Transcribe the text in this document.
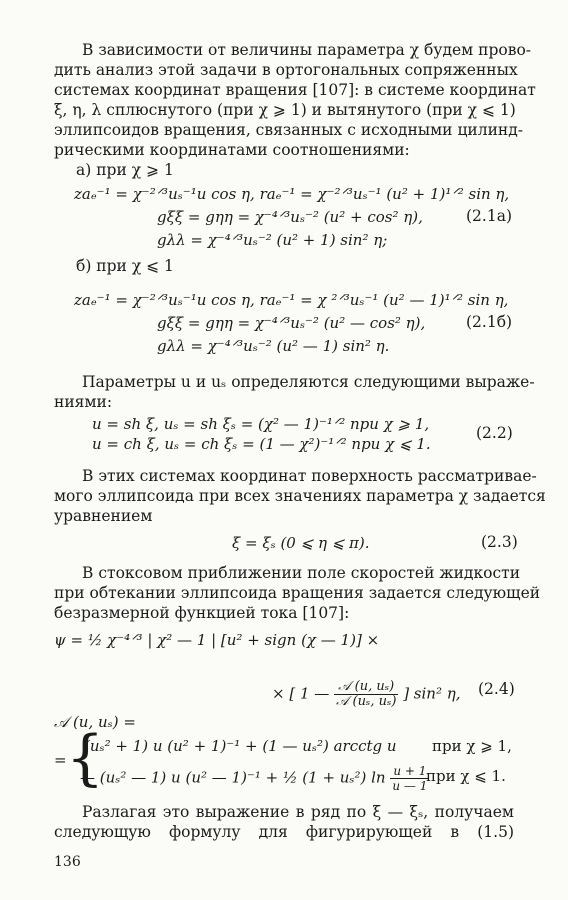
В зависимости от величины параметра χ будем прово-
дить анализ этой задачи в ортогональных сопряженных
системах координат вращения [107]: в системе координат
ξ, η, λ сплюснутого (при χ ⩾ 1) и вытянутого (при χ ⩽ 1)
эллипсоидов вращения, связанных с исходными цилинд-
рическими координатами соотношениями:
а) при χ ⩾ 1
zaₑ⁻¹ = χ⁻²ᐟ³uₛ⁻¹u cos η, raₑ⁻¹ = χ⁻²ᐟ³uₛ⁻¹ (u² + 1)¹ᐟ² sin η,
gξξ = gηη = χ⁻⁴ᐟ³uₛ⁻² (u² + cos² η),	(2.1а)
gλλ = χ⁻⁴ᐟ³uₛ⁻² (u² + 1) sin² η;
б) при χ ⩽ 1
zaₑ⁻¹ = χ⁻²ᐟ³uₛ⁻¹u cos η, raₑ⁻¹ = χ ²ᐟ³uₛ⁻¹ (u² — 1)¹ᐟ² sin η,
gξξ = gηη = χ⁻⁴ᐟ³uₛ⁻² (u² — cos² η),	(2.1б)
gλλ = χ⁻⁴ᐟ³uₛ⁻² (u² — 1) sin² η.
Параметры u и uₛ определяются следующими выраже-
ниями:
u = sh ξ, uₛ = sh ξₛ = (χ² — 1)⁻¹ᐟ² при χ ⩾ 1,
u = ch ξ, uₛ = ch ξₛ = (1 — χ²)⁻¹ᐟ² при χ ⩽ 1.
(2.2)
В этих системах координат поверхность рассматривае-
мого эллипсоида при всех значениях параметра χ задается
уравнением
ξ = ξₛ (0 ⩽ η ⩽ π).	(2.3)
В стоксовом приближении поле скоростей жидкости
при обтекании эллипсоида вращения задается следующей
безразмерной функцией тока [107]:
ψ = ½ χ⁻⁴ᐟ³ | χ² — 1 | [u² + sign (χ — 1)] ×
× [ 1 — $\frac{\text{𝒜 (u, uₛ)}}{\text{𝒜 (uₛ, uₛ)}}$ ] sin² η, (2.4)
𝒜 (u, uₛ) =
= {
(uₛ² + 1) u (u² + 1)⁻¹ + (1 — uₛ²) arcctg u при χ ⩾ 1,
— (uₛ² — 1) u (u² — 1)⁻¹ + ½ (1 + uₛ²) $\ln \frac{u + 1}{u — 1}$
при χ ⩽ 1.
Разлагая это выражение в ряд по ξ — ξₛ, получаем
следующую формулу для фигурирующей в (1.5)
136
